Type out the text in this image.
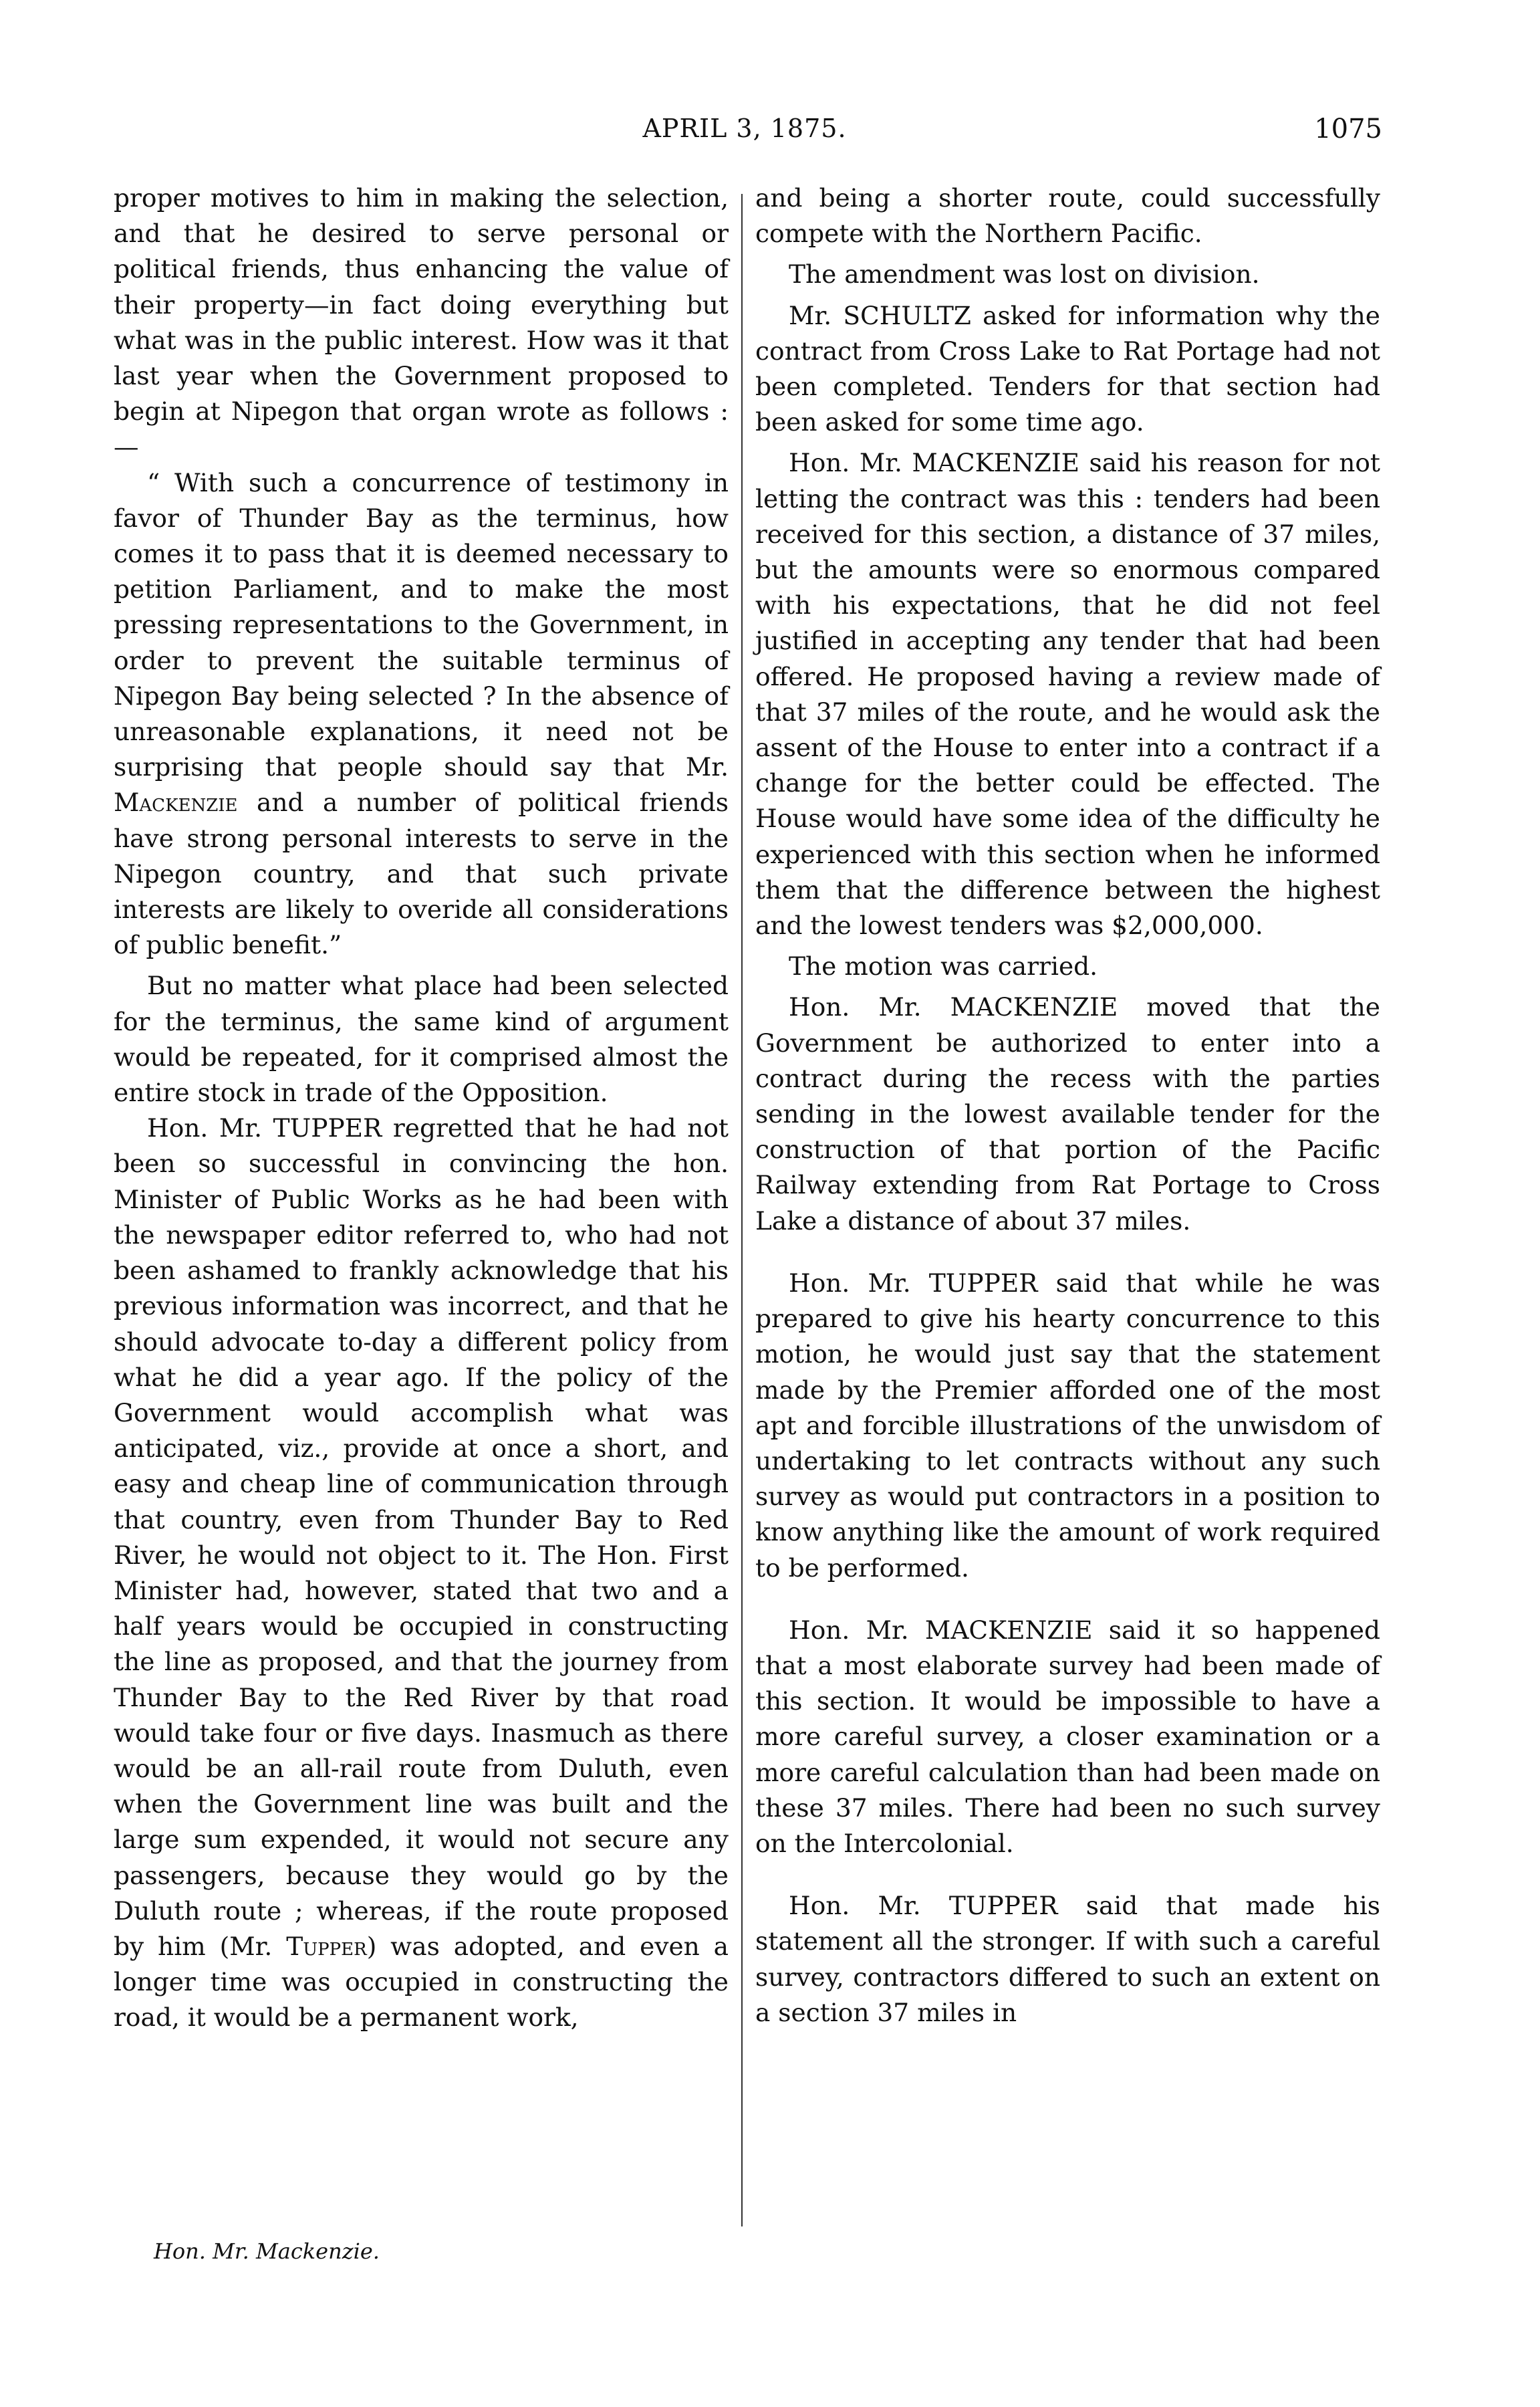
APRIL 3, 1875.	1075

proper motives to him in making the selection, and that he desired to serve personal or political friends, thus enhancing the value of their property—in fact doing everything but what was in the public interest. How was it that last year when the Government proposed to begin at Nipegon that organ wrote as follows :—

“ With such a concurrence of testimony in favor of Thunder Bay as the terminus, how comes it to pass that it is deemed necessary to petition Parliament, and to make the most pressing representations to the Government, in order to prevent the suitable terminus of Nipegon Bay being selected ? In the absence of unreasonable explanations, it need not be surprising that people should say that Mr. Mackenzie and a number of political friends have strong personal interests to serve in the Nipegon country, and that such private interests are likely to overide all considerations of public benefit.”

But no matter what place had been selected for the terminus, the same kind of argument would be repeated, for it comprised almost the entire stock in trade of the Opposition.

Hon. Mr. TUPPER regretted that he had not been so successful in convincing the hon. Minister of Public Works as he had been with the newspaper editor referred to, who had not been ashamed to frankly acknowledge that his previous information was incorrect, and that he should advocate to-day a different policy from what he did a year ago. If the policy of the Government would accomplish what was anticipated, viz., provide at once a short, and easy and cheap line of communication through that country, even from Thunder Bay to Red River, he would not object to it. The Hon. First Minister had, however, stated that two and a half years would be occupied in constructing the line as proposed, and that the journey from Thunder Bay to the Red River by that road would take four or five days. Inasmuch as there would be an all-rail route from Duluth, even when the Government line was built and the large sum expended, it would not secure any passengers, because they would go by the Duluth route ; whereas, if the route proposed by him (Mr. Tupper) was adopted, and even a longer time was occupied in constructing the road, it would be a permanent work,

and being a shorter route, could successfully compete with the Northern Pacific.

The amendment was lost on division.

Mr. SCHULTZ asked for information why the contract from Cross Lake to Rat Portage had not been completed. Tenders for that section had been asked for some time ago.

Hon. Mr. MACKENZIE said his reason for not letting the contract was this : tenders had been received for this section, a distance of 37 miles, but the amounts were so enormous compared with his expectations, that he did not feel justified in accepting any tender that had been offered. He proposed having a review made of that 37 miles of the route, and he would ask the assent of the House to enter into a contract if a change for the better could be effected. The House would have some idea of the difficulty he experienced with this section when he informed them that the difference between the highest and the lowest tenders was $2,000,000.

The motion was carried.

Hon. Mr. MACKENZIE moved that the Government be authorized to enter into a contract during the recess with the parties sending in the lowest available tender for the construction of that portion of the Pacific Railway extending from Rat Portage to Cross Lake a distance of about 37 miles.

Hon. Mr. TUPPER said that while he was prepared to give his hearty concurrence to this motion, he would just say that the statement made by the Premier afforded one of the most apt and forcible illustrations of the unwisdom of undertaking to let contracts without any such survey as would put contractors in a position to know anything like the amount of work required to be performed.

Hon. Mr. MACKENZIE said it so happened that a most elaborate survey had been made of this section. It would be impossible to have a more careful survey, a closer examination or a more careful calculation than had been made on these 37 miles. There had been no such survey on the Intercolonial.

Hon. Mr. TUPPER said that made his statement all the stronger. If with such a careful survey, contractors differed to such an extent on a section 37 miles in

Hon. Mr. Mackenzie.
